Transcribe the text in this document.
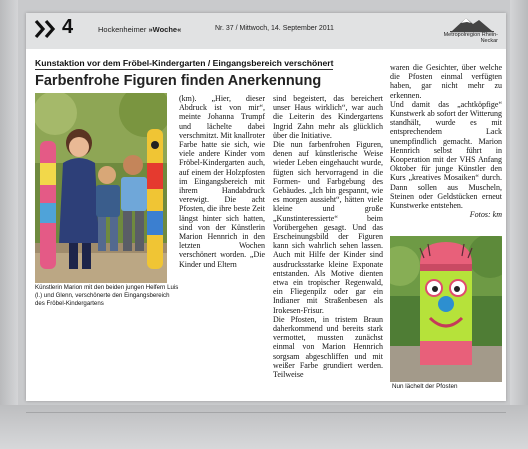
4	Hockenheimer »Woche«	Nr. 37 / Mittwoch, 14. September 2011
Metropolregion Rhein-Neckar
Kunstaktion vor dem Fröbel-Kindergarten / Eingangsbereich verschönert
Farbenfrohe Figuren finden Anerkennung
Künstlerin Marion mit den beiden jungen Helfern Luis (l.) und Glenn, verschönerte den Eingangsbereich des Fröbel-Kindergartens

(km). „Hier, dieser Abdruck ist von mir“, meinte Johanna Trumpf und lächelte dabei verschmitzt. Mit knallroter Farbe hatte sie sich, wie viele andere Kinder vom Fröbel-Kindergarten auch, auf einem der Holzpfosten im Eingangsbereich mit ihrem Handabdruck verewigt. Die acht Pfosten, die ihre beste Zeit längst hinter sich hatten, sind von der Künstlerin Marion Hennrich in den letzten Wochen verschönert worden. „Die Kinder und Eltern

sind begeistert, das bereichert unser Haus wirklich“, war auch die Leiterin des Kindergartens Ingrid Zahn mehr als glücklich über die Initiative.
Die nun farbenfrohen Figuren, denen auf künstlerische Weise wieder Leben eingehaucht wurde, fügten sich hervorragend in die Formen- und Farbgebung des Gebäudes. „Ich bin gespannt, wie es morgen aussieht“, hätten viele kleine und große „Kunstinteressierte“ beim Vorübergehen gesagt. Und das Erscheinungsbild der Figuren kann sich wahrlich sehen lassen. Auch mit Hilfe der Kinder sind ausdrucksstarke kleine Exponate entstanden. Als Motive dienten etwa ein tropischer Regenwald, ein Fliegenpilz oder gar ein Indianer mit Straßenbesen als Irokesen-Frisur.
Die Pfosten, in tristem Braun daherkommend und bereits stark vermottet, mussten zunächst einmal von Marion Hennrich sorgsam abgeschliffen und mit weißer Farbe grundiert werden. Teilweise

waren die Gesichter, über welche die Pfosten einmal verfügten haben, gar nicht mehr zu erkennen.
Und damit das „achtköpfige“ Kunstwerk ab sofort der Witterung standhält, wurde es mit entsprechendem Lack unempfindlich gemacht. Marion Hennrich selbst führt in Kooperation mit der VHS Anfang Oktober für junge Künstler den Kurs „kreatives Mosaiken“ durch. Dann sollen aus Muscheln, Steinen oder Geldstücken erneut Kunstwerke entstehen.

Fotos: km

Nun lächelt der Pfosten
